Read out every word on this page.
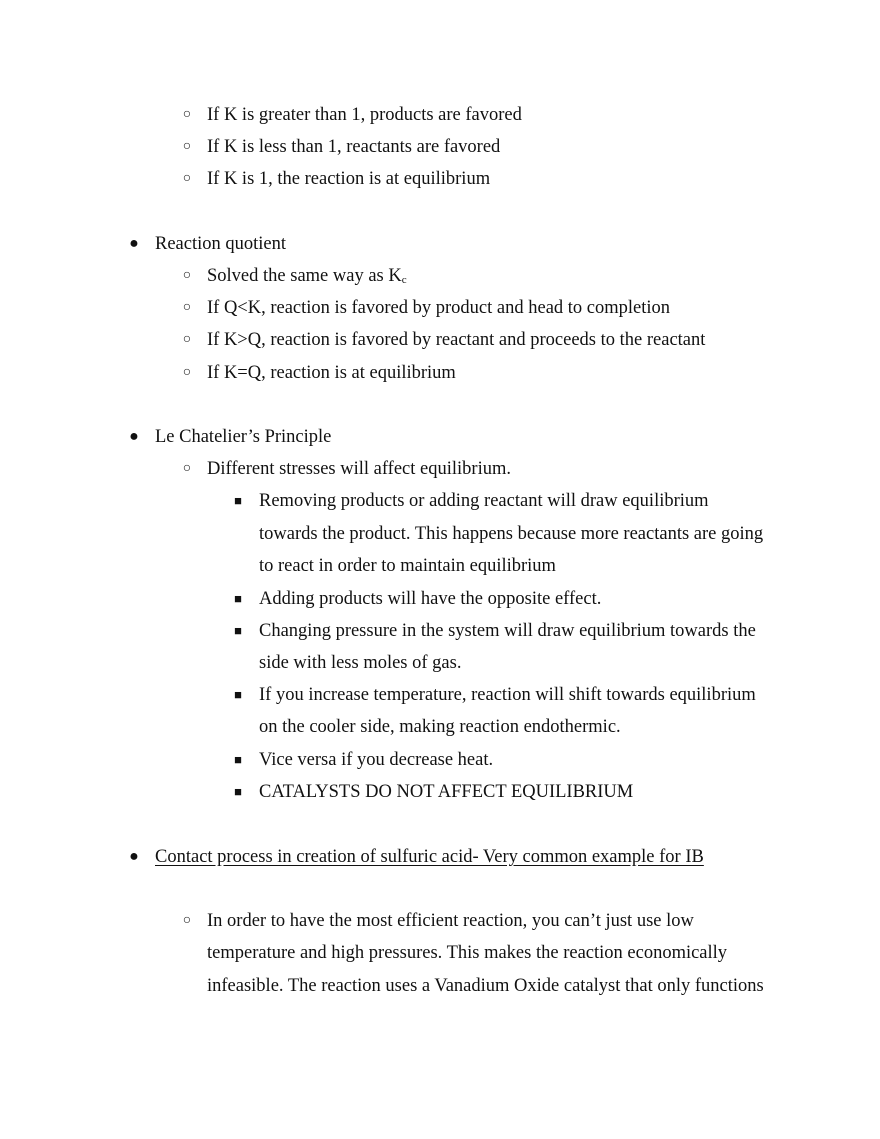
○ If K is greater than 1, products are favored
○ If K is less than 1, reactants are favored
○ If K is 1, the reaction is at equilibrium
● Reaction quotient
○ Solved the same way as $K_c$
○ If Q<K, reaction is favored by product and head to completion
○ If K>Q, reaction is favored by reactant and proceeds to the reactant
○ If K=Q, reaction is at equilibrium
● Le Chatelier’s Principle
○ Different stresses will affect equilibrium.
■ Removing products or adding reactant will draw equilibrium
towards the product. This happens because more reactants are going
to react in order to maintain equilibrium
■ Adding products will have the opposite effect.
■ Changing pressure in the system will draw equilibrium towards the
side with less moles of gas.
■ If you increase temperature, reaction will shift towards equilibrium
on the cooler side, making reaction endothermic.
■ Vice versa if you decrease heat.
■ CATALYSTS DO NOT AFFECT EQUILIBRIUM
● Contact process in creation of sulfuric acid- Very common example for IB
○ In order to have the most efficient reaction, you can’t just use low
temperature and high pressures. This makes the reaction economically
infeasible. The reaction uses a Vanadium Oxide catalyst that only functions
